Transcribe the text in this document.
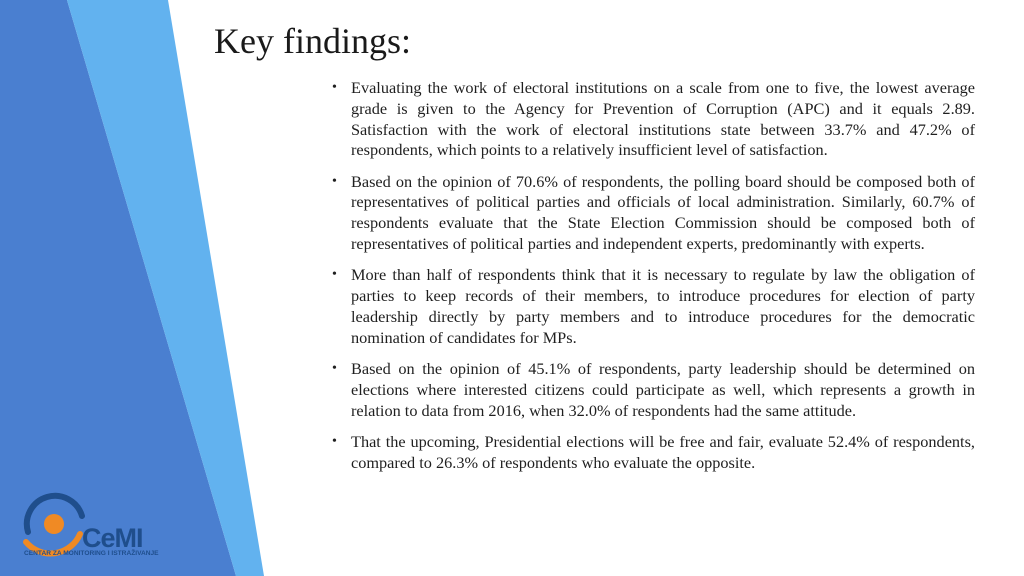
Key findings:
• Evaluating the work of electoral institutions on a scale from one to five, the lowest average grade is given to the Agency for Prevention of Corruption (APC) and it equals 2.89. Satisfaction with the work of electoral institutions state between 33.7% and 47.2% of respondents, which points to a relatively insufficient level of satisfaction.
• Based on the opinion of 70.6% of respondents, the polling board should be composed both of representatives of political parties and officials of local administration. Similarly, 60.7% of respondents evaluate that the State Election Commission should be composed both of representatives of political parties and independent experts, predominantly with experts.
• More than half of respondents think that it is necessary to regulate by law the obligation of parties to keep records of their members, to introduce procedures for election of party leadership directly by party members and to introduce procedures for the democratic nomination of candidates for MPs.
• Based on the opinion of 45.1% of respondents, party leadership should be determined on elections where interested citizens could participate as well, which represents a growth in relation to data from 2016, when 32.0% of respondents had the same attitude.
• That the upcoming, Presidential elections will be free and fair, evaluate 52.4% of respondents, compared to 26.3% of respondents who evaluate the opposite.
CeMI
CENTAR ZA MONITORING I ISTRAŽIVANJE
